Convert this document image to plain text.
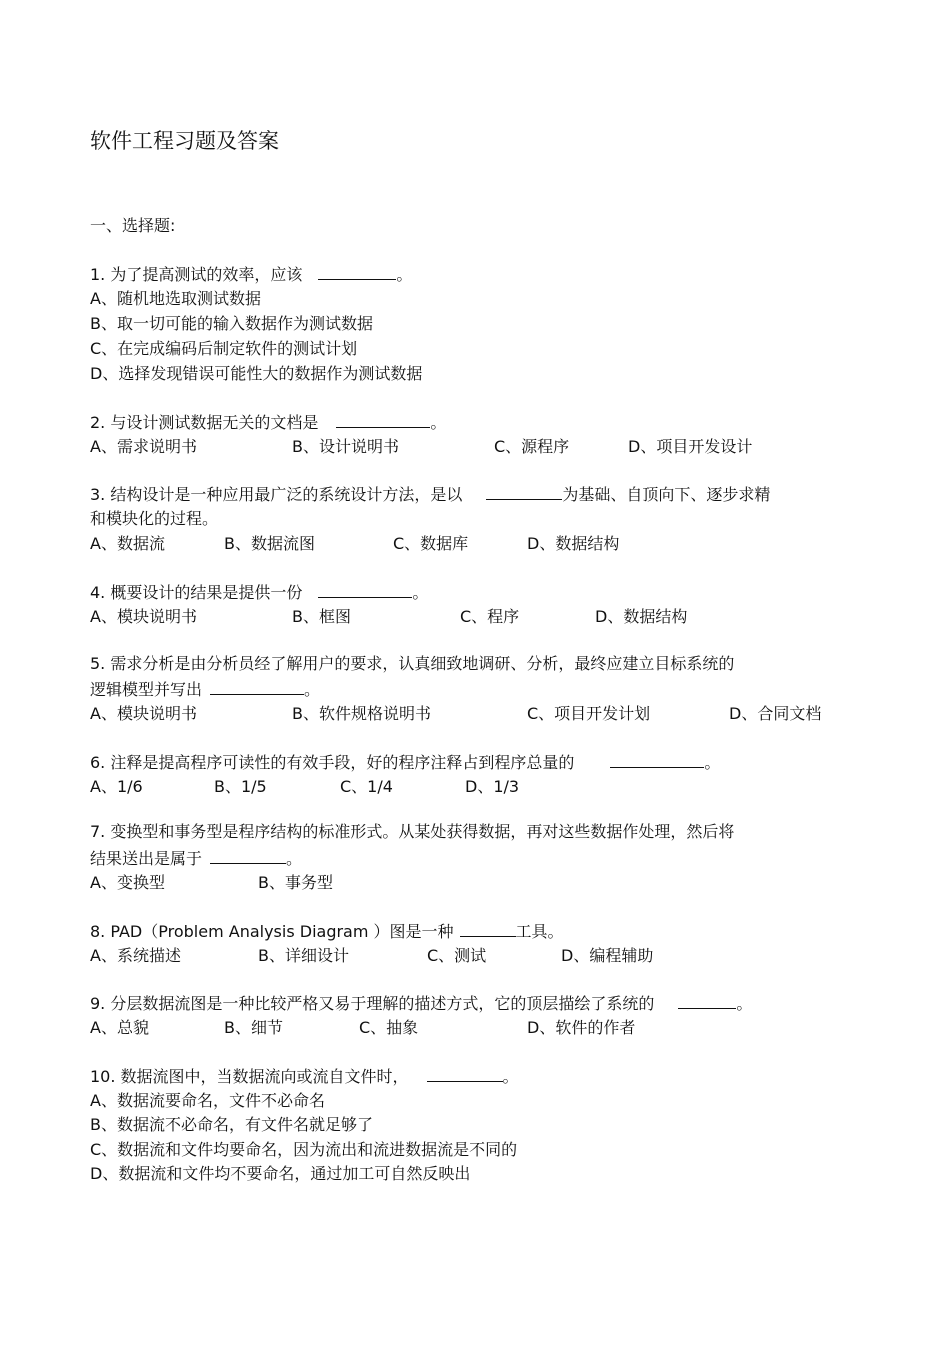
软件工程习题及答案
一、选择题:
1. 为了提高测试的效率，应该	。
A、随机地选取测试数据
B、取一切可能的输入数据作为测试数据
C、在完成编码后制定软件的测试计划
D、选择发现错误可能性大的数据作为测试数据
2. 与设计测试数据无关的文档是	。
A、需求说明书	B、设计说明书	C、源程序	D、项目开发设计
3. 结构设计是一种应用最广泛的系统设计方法，是以	为基础、自顶向下、逐步求精
和模块化的过程。
A、数据流	B、数据流图	C、数据库	D、数据结构
4. 概要设计的结果是提供一份	。
A、模块说明书	B、框图	C、程序	D、数据结构
5. 需求分析是由分析员经了解用户的要求，认真细致地调研、分析，最终应建立目标系统的
逻辑模型并写出	。
A、模块说明书	B、软件规格说明书	C、项目开发计划	D、合同文档
6. 注释是提高程序可读性的有效手段，好的程序注释占到程序总量的	。
A、1/6	B、1/5	C、1/4	D、1/3
7. 变换型和事务型是程序结构的标准形式。从某处获得数据，再对这些数据作处理，然后将
结果送出是属于	。
A、变换型	B、事务型
8. PAD（Problem Analysis Diagram ）图是一种	工具。
A、系统描述	B、详细设计	C、测试	D、编程辅助
9. 分层数据流图是一种比较严格又易于理解的描述方式，它的顶层描绘了系统的	。
A、总貌	B、细节	C、抽象	D、软件的作者
10. 数据流图中，当数据流向或流自文件时，	。
A、数据流要命名，文件不必命名
B、数据流不必命名，有文件名就足够了
C、数据流和文件均要命名，因为流出和流进数据流是不同的
D、数据流和文件均不要命名，通过加工可自然反映出
